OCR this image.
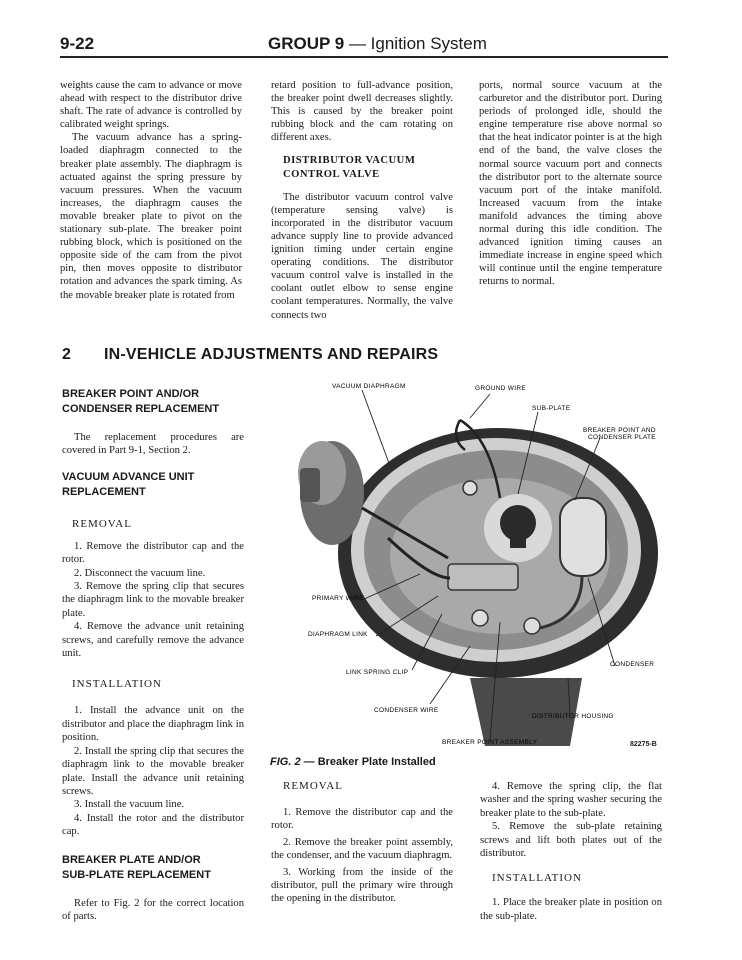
9-22	GROUP 9 — Ignition System

weights cause the cam to advance or move ahead with respect to the distributor drive shaft. The rate of advance is controlled by calibrated weight springs.

The vacuum advance has a spring-loaded diaphragm connected to the breaker plate assembly. The diaphragm is actuated against the spring pressure by vacuum pressures. When the vacuum increases, the diaphragm causes the movable breaker plate to pivot on the stationary sub-plate. The breaker point rubbing block, which is positioned on the opposite side of the cam from the pivot pin, then moves opposite to distributor rotation and advances the spark timing. As the movable breaker plate is rotated from

retard position to full-advance position, the breaker point dwell decreases slightly. This is caused by the breaker point rubbing block and the cam rotating on different axes.

DISTRIBUTOR VACUUM
CONTROL VALVE

The distributor vacuum control valve (temperature sensing valve) is incorporated in the distributor vacuum advance supply line to provide advanced ignition timing under certain engine operating conditions. The distributor vacuum control valve is installed in the coolant outlet elbow to sense engine coolant temperatures. Normally, the valve connects two

ports, normal source vacuum at the carburetor and the distributor port. During periods of prolonged idle, should the engine temperature rise above normal so that the heat indicator pointer is at the high end of the band, the valve closes the normal source vacuum port and connects the distributor port to the alternate source vacuum port of the intake manifold. Increased vacuum from the intake manifold advances the timing above normal during this idle condition. The advanced ignition timing causes an immediate increase in engine speed which will continue until the engine temperature returns to normal.

2 IN-VEHICLE ADJUSTMENTS AND REPAIRS
BREAKER POINT AND/OR
CONDENSER REPLACEMENT

The replacement procedures are covered in Part 9-1, Section 2.

VACUUM ADVANCE UNIT
REPLACEMENT
REMOVAL

1. Remove the distributor cap and the rotor.

2. Disconnect the vacuum line.

3. Remove the spring clip that secures the diaphragm link to the movable breaker plate.

4. Remove the advance unit retaining screws, and carefully remove the advance unit.

INSTALLATION

1. Install the advance unit on the distributor and place the diaphragm link in position.

2. Install the spring clip that secures the diaphragm link to the movable breaker plate. Install the advance unit retaining screws.

3. Install the vacuum line.

4. Install the rotor and the distributor cap.

BREAKER PLATE AND/OR
SUB-PLATE REPLACEMENT

Refer to Fig. 2 for the correct location of parts.

VACUUM DIAPHRAGM	GROUND WIRE
SUB-PLATE
BREAKER POINT AND
CONDENSER PLATE
PRIMARY WIRE
DIAPHRAGM LINK
LINK SPRING CLIP
CONDENSER
CONDENSER WIRE
DISTRIBUTOR HOUSING
BREAKER POINT ASSEMBLY	82275-B
FIG. 2 — Breaker Plate Installed
REMOVAL

1. Remove the distributor cap and the rotor.

2. Remove the breaker point assembly, the condenser, and the vacuum diaphragm.

3. Working from the inside of the distributor, pull the primary wire through the opening in the distributor.

4. Remove the spring clip, the flat washer and the spring washer securing the breaker plate to the sub-plate.

5. Remove the sub-plate retaining screws and lift both plates out of the distributor.

INSTALLATION

1. Place the breaker plate in position on the sub-plate.
